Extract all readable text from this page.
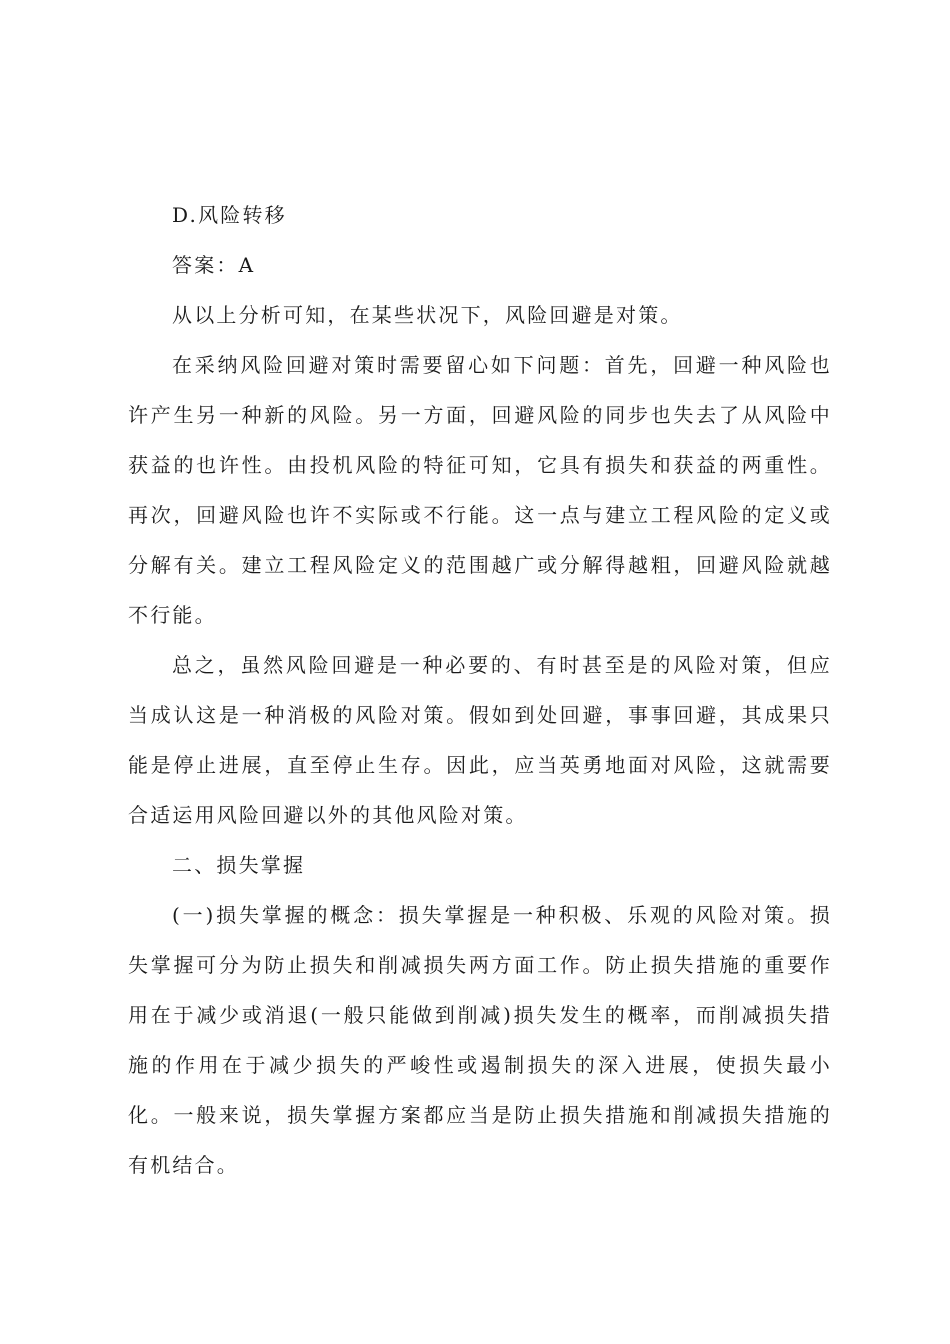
D.风险转移

答案：A

从以上分析可知，在某些状况下，风险回避是对策。

在采纳风险回避对策时需要留心如下问题：首先，回避一种风险也许产生另一种新的风险。另一方面，回避风险的同步也失去了从风险中获益的也许性。由投机风险的特征可知，它具有损失和获益的两重性。再次，回避风险也许不实际或不行能。这一点与建立工程风险的定义或分解有关。建立工程风险定义的范围越广或分解得越粗，回避风险就越不行能。

总之，虽然风险回避是一种必要的、有时甚至是的风险对策，但应当成认这是一种消极的风险对策。假如到处回避，事事回避，其成果只能是停止进展，直至停止生存。因此，应当英勇地面对风险，这就需要合适运用风险回避以外的其他风险对策。

二、损失掌握

(一)损失掌握的概念：损失掌握是一种积极、乐观的风险对策。损失掌握可分为防止损失和削减损失两方面工作。防止损失措施的重要作用在于减少或消退(一般只能做到削减)损失发生的概率，而削减损失措施的作用在于减少损失的严峻性或遏制损失的深入进展，使损失最小化。一般来说，损失掌握方案都应当是防止损失措施和削减损失措施的有机结合。
